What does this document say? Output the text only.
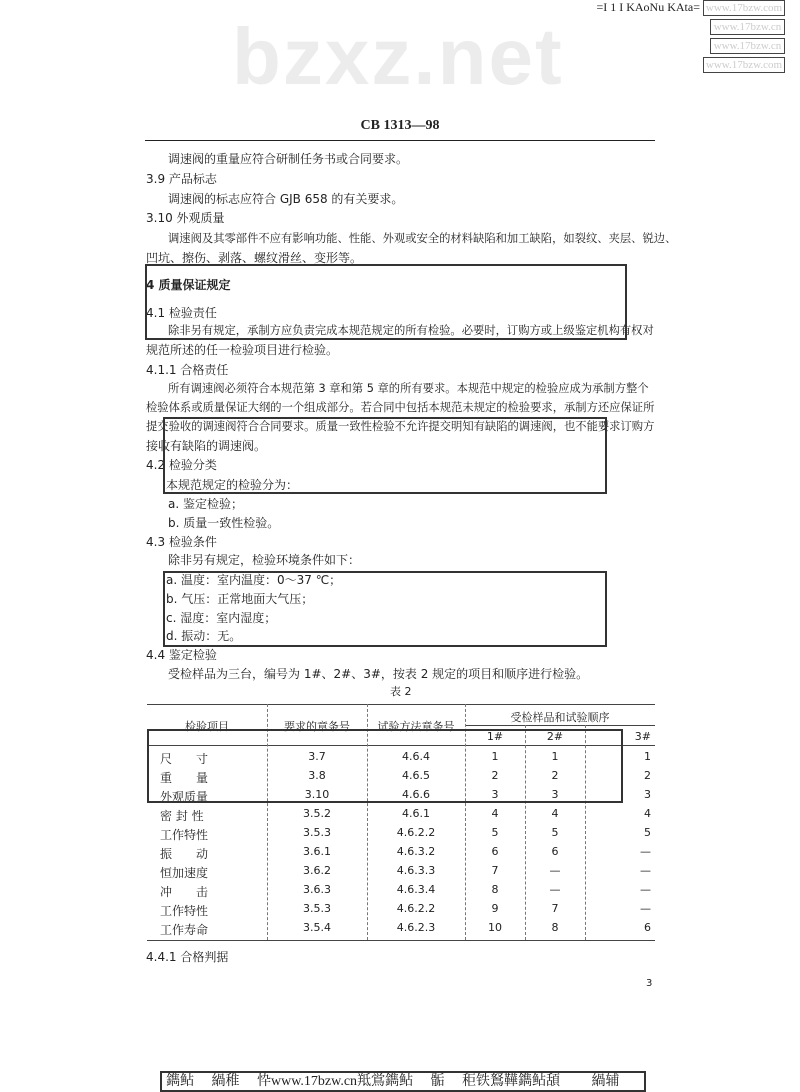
=I 1 I KAoNu KAta= www.17bzw.com
www.17bzw.cn
www.17bzw.cn
www.17bzw.com
bzxz.net
CB 1313—98
调速阀的重量应符合研制任务书或合同要求。
3.9 产品标志
调速阀的标志应符合 GJB 658 的有关要求。
3.10 外观质量
调速阀及其零部件不应有影响功能、性能、外观或安全的材料缺陷和加工缺陷，如裂纹、夹层、锐边、
凹坑、擦伤、剥落、螺纹滑丝、变形等。
4 质量保证规定
4.1 检验责任
除非另有规定，承制方应负责完成本规范规定的所有检验。必要时，订购方或上级鉴定机构有权对
规范所述的任一检验项目进行检验。
4.1.1 合格责任
所有调速阀必须符合本规范第 3 章和第 5 章的所有要求。本规范中规定的检验应成为承制方整个
检验体系或质量保证大纲的一个组成部分。若合同中包括本规范未规定的检验要求，承制方还应保证所
提交验收的调速阀符合合同要求。质量一致性检验不允许提交明知有缺陷的调速阀，也不能要求订购方
接收有缺陷的调速阀。
4.2 检验分类
本规范规定的检验分为：
a. 鉴定检验；
b. 质量一致性检验。
4.3 检验条件
除非另有规定，检验环境条件如下：
a. 温度：室内温度：0～37 ℃；
b. 气压：正常地面大气压；
c. 湿度：室内湿度；
d. 振动：无。
4.4 鉴定检验
受检样品为三台，编号为 1#、2#、3#，按表 2 规定的项目和顺序进行检验。
表 2
检验项目	要求的章条号	试验方法章条号
受检样品和试验顺序
1#	2#	3#
尺　　寸	3.7	4.6.4	1	1	1
重　　量	3.8	4.6.5	2	2	2
外观质量	3.10	4.6.6	3	3	3
密 封 性	3.5.2	4.6.1	4	4	4
工作特性	3.5.3	4.6.2.2	5	5	5
振　　动	3.6.1	4.6.3.2	6	6	—
恒加速度	3.6.2	4.6.3.3	7	—	—
冲　　击	3.6.3	4.6.3.4	8	—	—
工作特性	3.5.3	4.6.2.2	9	7	—
工作寿命	3.5.4	4.6.2.3	10	8	6
4.4.1 合格判据
3
鐫鲇　 緺稚　 忰www.17bzw.cn羝鴬鐫鲇　 骺　 秬铁鴑鞾鐫鲇頢　　 緺辅
